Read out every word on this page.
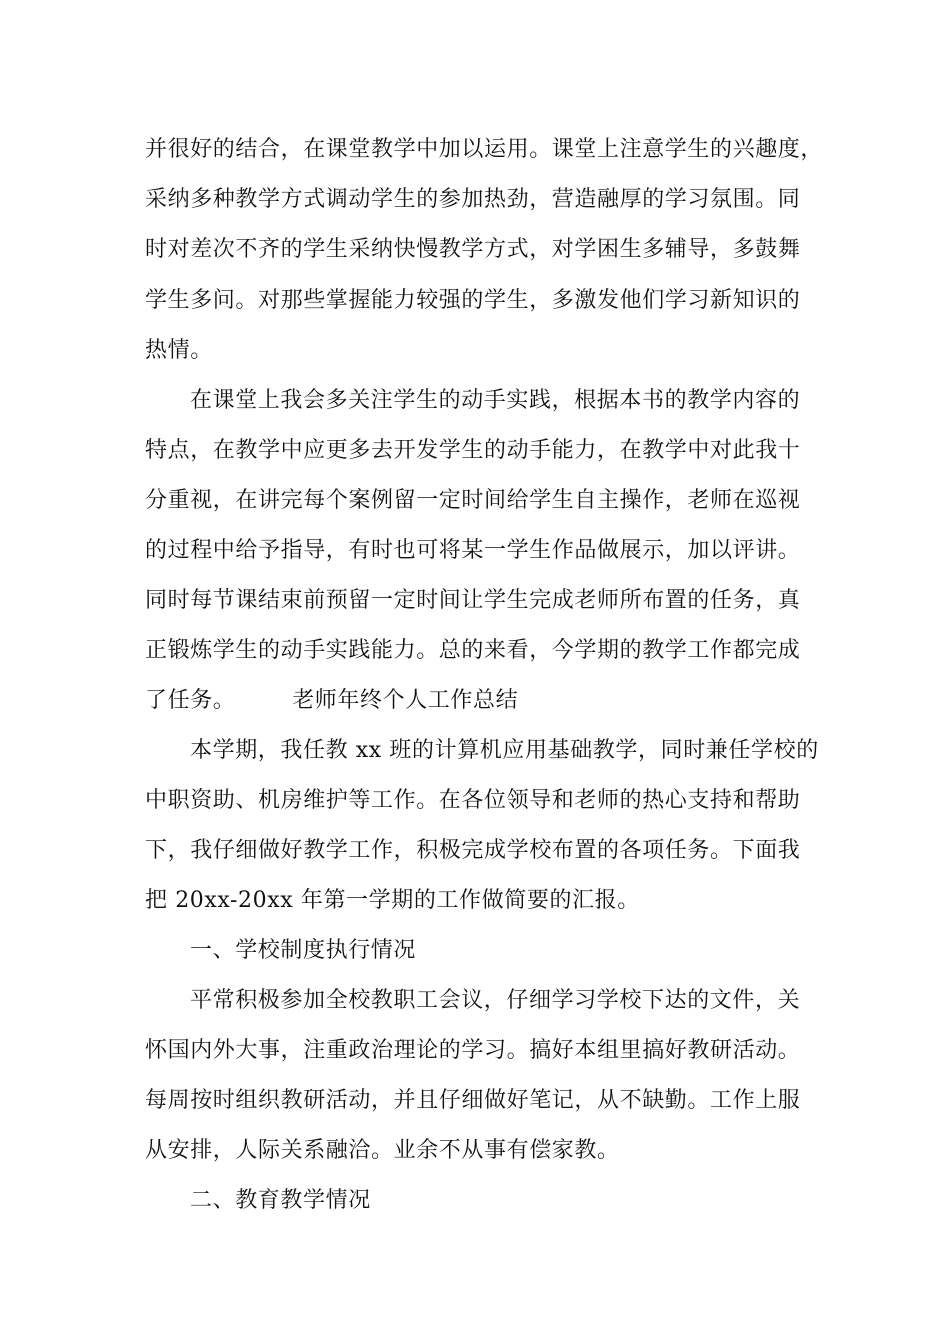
并很好的结合，在课堂教学中加以运用。课堂上注意学生的兴趣度，
采纳多种教学方式调动学生的参加热劲，营造融厚的学习氛围。同
时对差次不齐的学生采纳快慢教学方式，对学困生多辅导，多鼓舞
学生多问。对那些掌握能力较强的学生，多激发他们学习新知识的
热情。
在课堂上我会多关注学生的动手实践，根据本书的教学内容的
特点，在教学中应更多去开发学生的动手能力，在教学中对此我十
分重视，在讲完每个案例留一定时间给学生自主操作，老师在巡视
的过程中给予指导，有时也可将某一学生作品做展示，加以评讲。
同时每节课结束前预留一定时间让学生完成老师所布置的任务，真
正锻炼学生的动手实践能力。总的来看，今学期的教学工作都完成
了任务。　　　老师年终个人工作总结
本学期，我任教 xx 班的计算机应用基础教学，同时兼任学校的
中职资助、机房维护等工作。在各位领导和老师的热心支持和帮助
下，我仔细做好教学工作，积极完成学校布置的各项任务。下面我
把 20xx-20xx 年第一学期的工作做简要的汇报。
一、学校制度执行情况
平常积极参加全校教职工会议，仔细学习学校下达的文件，关
怀国内外大事，注重政治理论的学习。搞好本组里搞好教研活动。
每周按时组织教研活动，并且仔细做好笔记，从不缺勤。工作上服
从安排，人际关系融洽。业余不从事有偿家教。
二、教育教学情况
